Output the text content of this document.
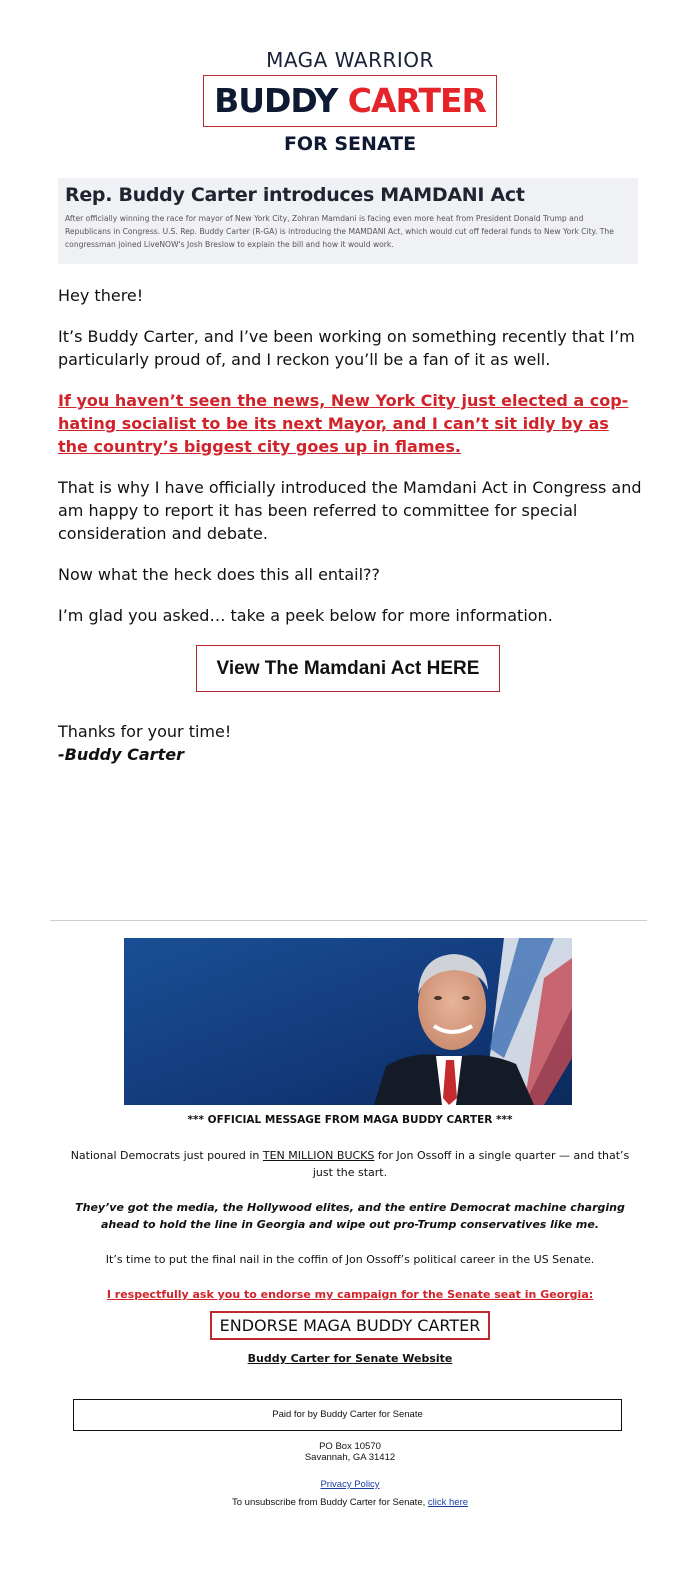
MAGA WARRIOR
BUDDY CARTER
FOR SENATE
Rep. Buddy Carter introduces MAMDANI Act
After officially winning the race for mayor of New York City, Zohran Mamdani is facing even more heat from President Donald Trump and Republicans in Congress. U.S. Rep. Buddy Carter (R-GA) is introducing the MAMDANI Act, which would cut off federal funds to New York City. The congressman joined LiveNOW's Josh Breslow to explain the bill and how it would work.

Hey there!

It’s Buddy Carter, and I’ve been working on something recently that I’m particularly proud of, and I reckon you’ll be a fan of it as well.

If you haven’t seen the news, New York City just elected a cop-hating socialist to be its next Mayor, and I can’t sit idly by as the country’s biggest city goes up in flames.

That is why I have officially introduced the Mamdani Act in Congress and am happy to report it has been referred to committee for special consideration and debate.

Now what the heck does this all entail??

I’m glad you asked… take a peek below for more information.

View The Mamdani Act HERE
Thanks for your time!
-Buddy Carter

*** OFFICIAL MESSAGE FROM MAGA BUDDY CARTER ***

National Democrats just poured in TEN MILLION BUCKS for Jon Ossoff in a single quarter — and that’s just the start.

They’ve got the media, the Hollywood elites, and the entire Democrat machine charging ahead to hold the line in Georgia and wipe out pro-Trump conservatives like me.

It’s time to put the final nail in the coffin of Jon Ossoff’s political career in the US Senate.

I respectfully ask you to endorse my campaign for the Senate seat in Georgia:

ENDORSE MAGA BUDDY CARTER

Buddy Carter for Senate Website

Paid for by Buddy Carter for Senate
PO Box 10570
Savannah, GA 31412
Privacy Policy
To unsubscribe from Buddy Carter for Senate, click here
